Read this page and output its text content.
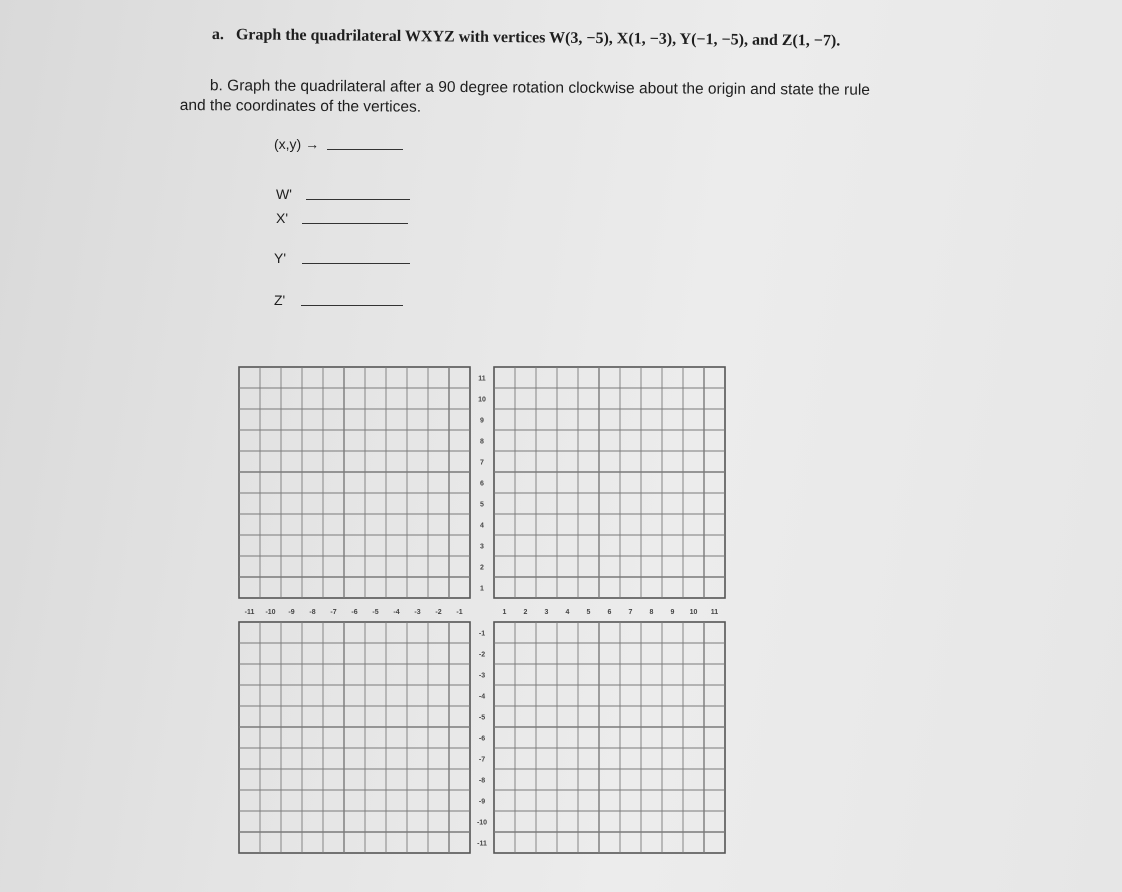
a. Graph the quadrilateral WXYZ with vertices W(3, −5), X(1, −3), Y(−1, −5), and Z(1, −7).
b. Graph the quadrilateral after a 90 degree rotation clockwise about the origin and state the rule
and the coordinates of the vertices.
(x,y) →
W'
X'
Y'
Z'
-11 -10 -9 -8 -7 -6 -5 -4 -3 -2 -1	1 2 3 4 5 6 7 8 9 10 11
11
10
9
8
7
6
5
4
3
2
1
-1
-2
-3
-4
-5
-6
-7
-8
-9
-10
-11
